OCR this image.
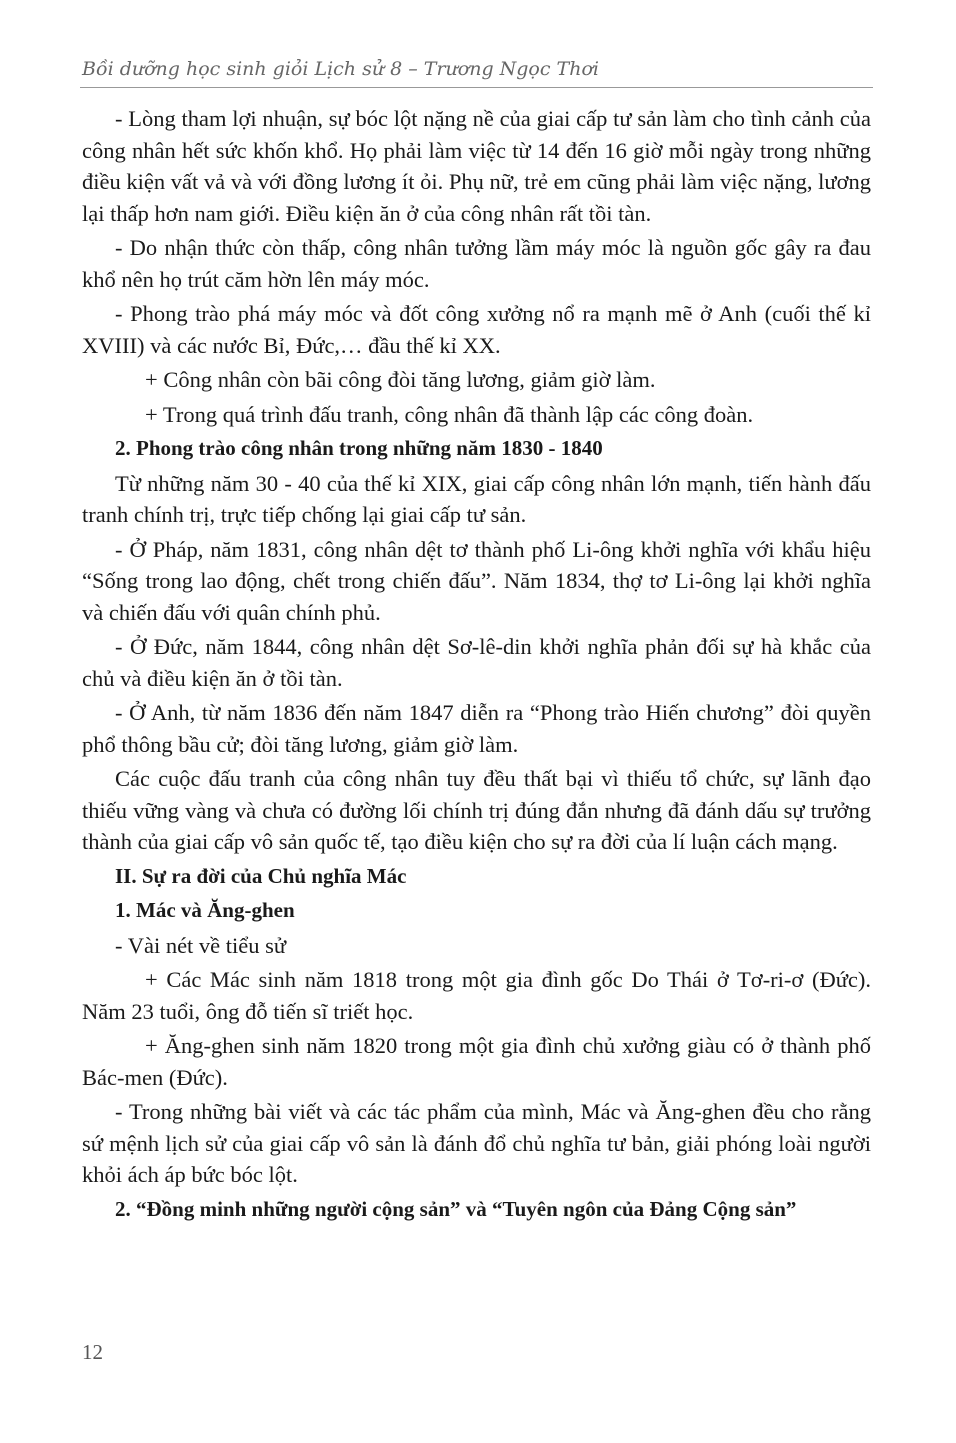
Bồi dưỡng học sinh giỏi Lịch sử 8 – Trương Ngọc Thơi

- Lòng tham lợi nhuận, sự bóc lột nặng nề của giai cấp tư sản làm cho tình cảnh của công nhân hết sức khốn khổ. Họ phải làm việc từ 14 đến 16 giờ mỗi ngày trong những điều kiện vất vả và với đồng lương ít ỏi. Phụ nữ, trẻ em cũng phải làm việc nặng, lương lại thấp hơn nam giới. Điều kiện ăn ở của công nhân rất tồi tàn.

- Do nhận thức còn thấp, công nhân tưởng lầm máy móc là nguồn gốc gây ra đau khổ nên họ trút căm hờn lên máy móc.

- Phong trào phá máy móc và đốt công xưởng nổ ra mạnh mẽ ở Anh (cuối thế kỉ XVIII) và các nước Bỉ, Đức,… đầu thế kỉ XX.

+ Công nhân còn bãi công đòi tăng lương, giảm giờ làm.

+ Trong quá trình đấu tranh, công nhân đã thành lập các công đoàn.

2. Phong trào công nhân trong những năm 1830 - 1840

Từ những năm 30 - 40 của thế kỉ XIX, giai cấp công nhân lớn mạnh, tiến hành đấu tranh chính trị, trực tiếp chống lại giai cấp tư sản.

- Ở Pháp, năm 1831, công nhân dệt tơ thành phố Li-ông khởi nghĩa với khẩu hiệu “Sống trong lao động, chết trong chiến đấu”. Năm 1834, thợ tơ Li-ông lại khởi nghĩa và chiến đấu với quân chính phủ.

- Ở Đức, năm 1844, công nhân dệt Sơ-lê-din khởi nghĩa phản đối sự hà khắc của chủ và điều kiện ăn ở tồi tàn.

- Ở Anh, từ năm 1836 đến năm 1847 diễn ra “Phong trào Hiến chương” đòi quyền phổ thông bầu cử; đòi tăng lương, giảm giờ làm.

Các cuộc đấu tranh của công nhân tuy đều thất bại vì thiếu tổ chức, sự lãnh đạo thiếu vững vàng và chưa có đường lối chính trị đúng đắn nhưng đã đánh dấu sự trưởng thành của giai cấp vô sản quốc tế, tạo điều kiện cho sự ra đời của lí luận cách mạng.

II. Sự ra đời của Chủ nghĩa Mác

1. Mác và Ăng-ghen

- Vài nét về tiểu sử

+ Các Mác sinh năm 1818 trong một gia đình gốc Do Thái ở Tơ-ri-ơ (Đức). Năm 23 tuổi, ông đỗ tiến sĩ triết học.

+ Ăng-ghen sinh năm 1820 trong một gia đình chủ xưởng giàu có ở thành phố Bác-men (Đức).

- Trong những bài viết và các tác phẩm của mình, Mác và Ăng-ghen đều cho rằng sứ mệnh lịch sử của giai cấp vô sản là đánh đổ chủ nghĩa tư bản, giải phóng loài người khỏi ách áp bức bóc lột.

2. “Đồng minh những người cộng sản” và “Tuyên ngôn của Đảng Cộng sản”

12
